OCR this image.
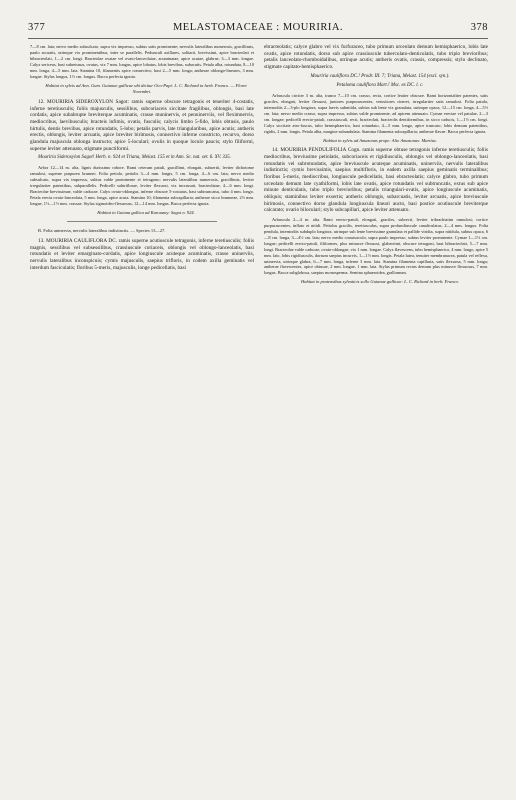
377	MELASTOMACEAE : MOURIRIA.	378

7—8 cm. lata; nervo medio subsulcato, supra vix impresso, subtus satis prominente; nervulis lateralibus numerosis, gracillimis, paulo arcuatis, utrinque vix prominentibus, inter se parallelis. Pedunculi axillares, solitarii, brevissimi, apice bracteolati et bibracteolati, 1—2 cm. longi. Bracteolae ovatae vel ovato-lanceolatae, acuminatae, apice acutae, glabrae, 3—3 mm. longae. Calyx sericeus, basi subretusus, ovatus, vix 7 mm. longus, apice lobatus, lobis brevibus, subacutis. Petala alba, rotundata, 8—10 mm. longa, 4—5 mm. lata. Stamina 10, filamentis apice connectivo, basi 2—5 mm. longa; antherae oblongo-lineares, 3 mm. longae. Stylus longus, 1½ cm. longus. Bacca perfecta ignota.

Habitat in sylvis ad Ann. Gum. Guianae gallicae ubi dicitur Oco-Papi: L. C. Richard in herb. Franco. — Floret Novembri.

12. MOURIRIA SIDEROXYLON Sagot: ramis superne obscure tetragonis et teneriter 4-costatis, inferne teretiusculis; foliis majusculis, sessilibus, subcoriaceis siccitate fragilibus, oblongis, basi late cordatis, apice subabrupte breviterque acuminatis, crasse muninervis, et penninerviis, vel fleximnervis, mediocribus, laevibusculis; bracteis infimis, ovatis, fusculis; calycis limbo 5-fido, lobis obtusis, paulo hirtulis, dentis brevibus, apice rotundatis, 5-lobo; petalis parvis, late triangularibus, apice acutis; antheris erectis, oblongis, leviter arcuatis, apice breviter birimosis, connectivo inferne constricto, recurvo, dorso glandula majuscula oblonga instructo; apice 5-loculari; ovulis in quoque loculo paucis; stylo filiformi, superne leviter attenuato, stigmate punctiformi.

Mouriria Sideroxylon Sagot! Herb. n. 924 et Triana, Melast. 155 et in Ann. Sc. nat. ser. 6. XV. 335.

Arbor 12—14 m. alta, lignis durissimo robore. Rami ceterum patuli, gracillimi, elongati, subsertii, leviter dichotome ramulosi, superne purpureo brunnei. Folia petiolo, petiolis 3—4 mm. longis, 5 cm. longa, 4—6 cm. lata; nervo medio subsulcato, supra vix impresso, subtus valde prominente et tetragono; nervulis lateralibus numerosis, gracillimis, leviter irregulariter patentibus, subparallelis. Pedicelli subtriflorae, leviter flexuosi, vix incrassati, bracteolatae, 4—6 mm. longi. Bracteolae brevissimae, valde caducae. Calyx ovato-oblongus, inferne obscure 5-costatus, basi subtruncatus, tubo 4 mm. longo. Petala erecta ovato-lanceolata, 5 mm. longa, apice acuta. Stamina 10; filamenta subcapillaria; antherae sicco brunneae, 2½ mm. longae, 1½—1½ mm. crassae. Stylus sigmoideo-flexuosus, 12—14 mm. longus. Bacca perfecta ignota.

Habitat in Guiana gallica ad Karouany: Sagot n. 924.

B. Folia uninervia, nervulis lateralibus indistinctis. — Species 13—27.

13. MOURIRIA CAULIFLORA DC. ramis superne acutiuscule tetragonis, inferne teretiusculis; foliis magnis, sessilibus vel subsessilibus, crassiuscule coriaceis, oblongis vel oblongo-lanceolatis, basi rotundatis et leviter emarginato-cordatis, apice longiuscule acuteque acuminatis, crasse uninerviis, nervulis lateralibus inconspicuis; cymis majusculis, saepius trifloris, in codem axilla geminatis vel interdum fasciculatis; floribus 5-meris, majusculis, longe pedicellatis, basi

ebracteolatis; calyce glabro vel vix furfuraceo, tubo primum urceolato demum hemisphaerico, lobis late ovatis, apice rotundatis, dorso sub apice crassiuscule tuberculato-denticulatis, tubo triplo brevioribus; petalis lanceolato-rhomboidalibus, utrinque acutis; antheris ovatis, crassis, compressis; stylo declinato, stigmate capitato-hemisphaerico.

Mouriria cauliflora DC.! Prodr. III. 7; Triana, Melast. 154 (excl. syn.).

Petaloma cauliflora Mart.! Msc. ex DC. l. c.

Arbuscula circiter 3 m. alta, trunco 7—10 cm. crasso, recta, cortice leuiter obscure. Rami horizontaliter patentes, satis graciles, elongati, leviter flexuosi, juniores purpurascentes, vetustiores cinerei, irregulariter satis ramulosi. Folia patula, internodiis 2—3-plo longiora, supra laevis subnitida, subtus sub lente vix granulata, utrinque opaca, 12—15 cm. longa, 4—5½ cm. lata; nervo medio crasso, supra impresso, subtus valde prominente, ad apicem attenuato. Cymae erectae vel patulae, 2—3 cm. longae; pedicelli erecto-patuli, crassiusculi, recti, bracteolati, bracteolis dentiformibus, in sicco caducis, 1—1½ cm. longi. Calyx siccitate atro-fuscus, tubo hemisphaerico, basi rotundato, 4—5 mm. longo, apice truncato; lobis demum patentibus, rigidis, 2 mm. longis. Petala alba, margine subundulata. Stamina filamenta subcapillaria; antherae flavae. Bacca perfecta ignota.

Habitat in sylvis ad Amazonas prope: Alto Amazonas: Martius.

14. MOURIRIA PENDULIFOLIA Cogn. ramis superne obtuse tetragonis inferne teretiusculis; foliis mediocribus, breviusime petiolatis, subcoriaceis et rigidiusculis, oblongis vel oblongo-lanceolatis, basi rotundatis vel subrotundatis, apice breviuscule acuteque acuminatis, uninerviis, nervulis lateralibus indistinctis; cymis brevissimis, saepius multifloris, in eadem axilla saepius geminatis terminalibus; floribus 5-meris, mediocribus, longiuscule pedicellatis, basi ebracteolatis; calyce glabro, tubo primum urceolato demum late cyathiformi, lobis late ovatis, apice rotundatis vel subtruncatis, extus sub apice minute denticulatis, tubo triplo brevioribus; petalis triangulari-ovatis, apice longiuscule acuminatis, obliquis; staminibus leviter exsertis; antheris oblongis, subarcuatis, leviter arcuatis, apice breviuscule birimosis, connectivo dorso glandula longiuscula lineari aucto, basi postice acutiuscule breviterque calcarato; ovario biloculari; stylo subcapillari, apice leviter attenuato.

Arbuscula 2—4 m. alta. Rami erecto-patuli, elongati, graciles, subrecti, leviter tribrachiatim ramulosi; cortice purpurascentes, inflato et nitidi. Petiolus gracilis, teretiusculus, supra profundiuscule canaliculatus, 2—4 mm. longus. Folia pendula, internodiis subduplo longiora, utrinque sub lente brevissime granulata et pallide viridia, supra nitidula, subtus opaca, 6—8 cm. longa, 3—4½ cm. lata; nervo medio crassiusculo, supra paulo impresso, subtus leviter prominente. Cymae 1—1½ cm. longae; pedicelli erecto-patuli, filiformes, plus minusve flexuosi, glaberrimi, obscure tetragoni, basi bibracteolati, 5—7 mm. longi. Bracteolae valde caducae, ovato-oblongae, vix 1 mm. longae. Calyx flavescens, tubo hemisphaerico, 4 mm. longo, apice 5 mm. lato, lobis rigidiusculis, dorsum saepius incurvis, 1—1½ mm. longis. Petala lutea, tenuiter membranacea, patula vel reflexa, uninervia, utrinque glabra, 6—7 mm. longa, inferne 3 mm. lata. Stamina filamenta capillaria, satis flexuosa, 5 mm. longa; antherae flavescentes, apice obtusae, 2 mm. longae, 1 mm. lata. Stylus primum rectus demum plus minusve flexuosus, 7 mm. longus. Bacca subglobosa, saepius monosperma. Semina sphaeroidea, grallomum.

Habitat in pratensibus sylvaticis sollo Guianae gallicae: L. C. Richard in herb. Franco.
